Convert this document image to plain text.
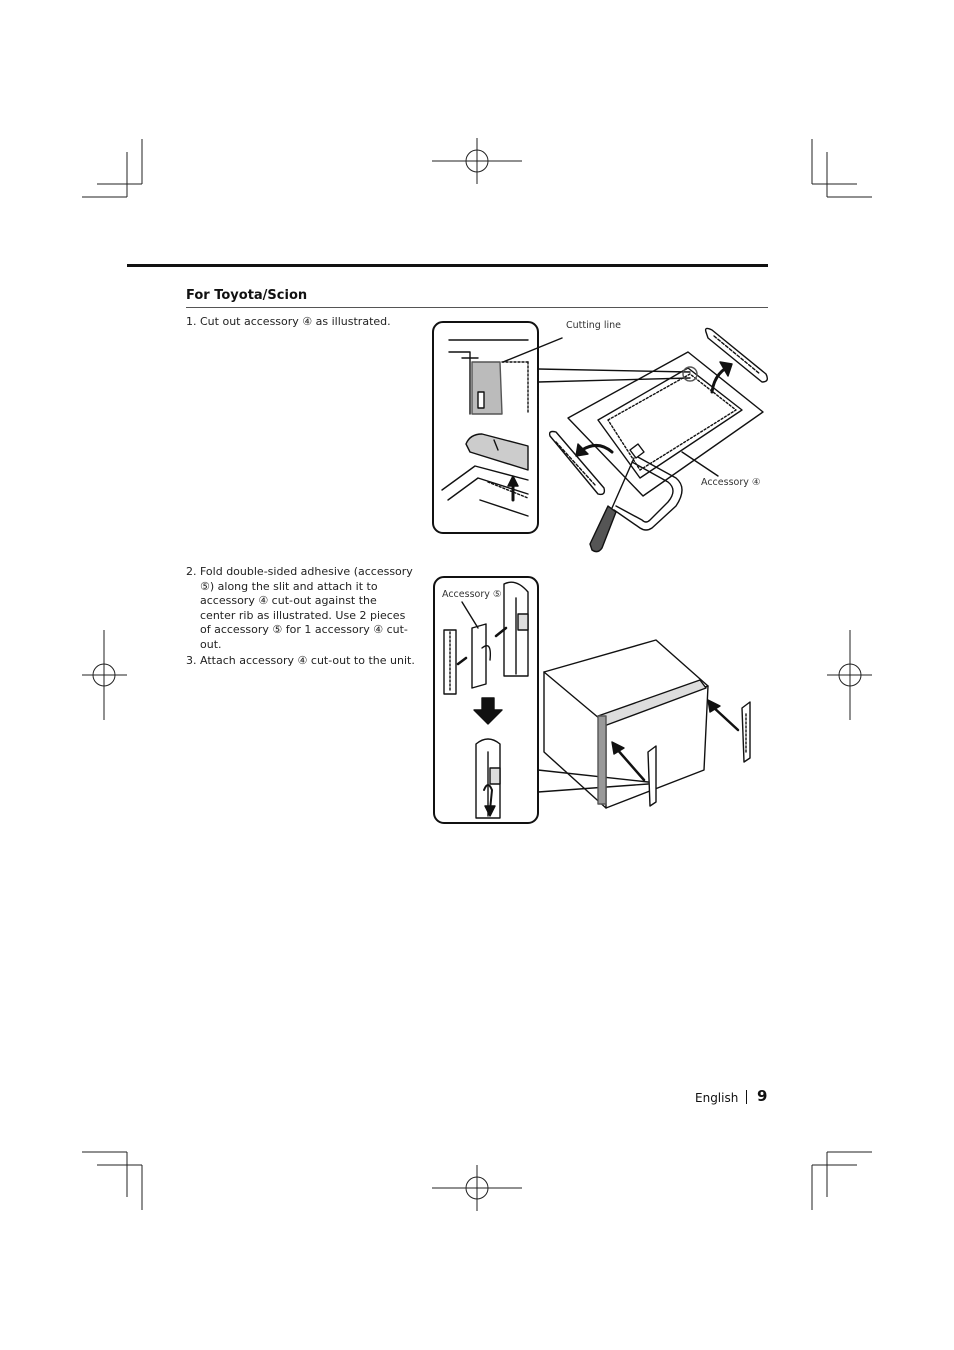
For Toyota/Scion
1. Cut out accessory ④ as illustrated.
2. Fold double-sided adhesive (accessory
⑤) along the slit and attach it to
accessory ④ cut-out against the
center rib as illustrated. Use 2 pieces
of accessory ⑤ for 1 accessory ④ cut-
out.
3. Attach accessory ④ cut-out to the unit.
Cutting line
Accessory ④
Accessory ⑤
English 9
